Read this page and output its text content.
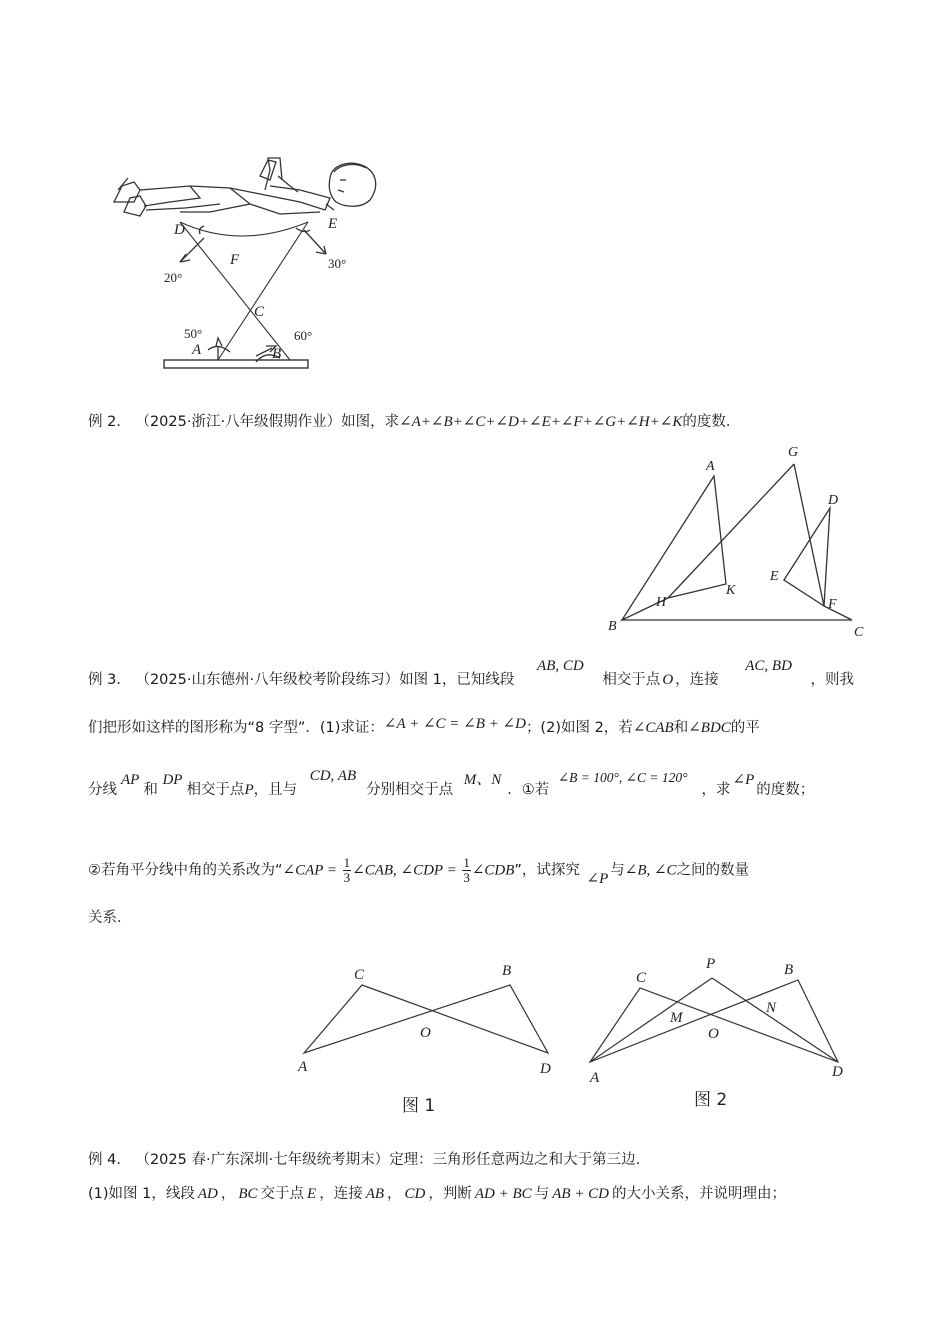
D	E
F
C
A	B
20°
30°
50°	60°
例 2． （2025·浙江·八年级假期作业）如图，求∠A+∠B+∠C+∠D+∠E+∠F+∠G+∠H+∠K的度数．
A
G
D
E
F
H
K
B	C
例 3． （2025·山东德州·八年级校考阶段练习）如图 1，已知线段 AB, CD 相交于点 O ，连接 AC, BD ，则我
们把形如这样的图形称为“8 字型”．(1)求证：∠A + ∠C = ∠B + ∠D；(2)如图 2，若∠CAB和∠BDC的平
分线AP和 DP相交于点P，且与 CD, AB分别相交于点 M、N．①若 ∠B = 100°, ∠C = 120°，求∠P的度数；
②若角平分线中角的关系改为“∠CAP = $\frac{1}{3}$ ∠CAB, ∠CDP = $\frac{1}{3}$ ∠CDB”，试探究 ∠P 与∠B, ∠C之间的数量
关系．
C	B
O
A	D
图 1
C
P	B
N
M
O
A	D
图 2
例 4． （2025 春·广东深圳·七年级统考期末）定理：三角形任意两边之和大于第三边．
(1)如图 1，线段 AD ， BC 交于点 E ，连接 AB ， CD ，判断 AD + BC 与 AB + CD 的大小关系，并说明理由；
